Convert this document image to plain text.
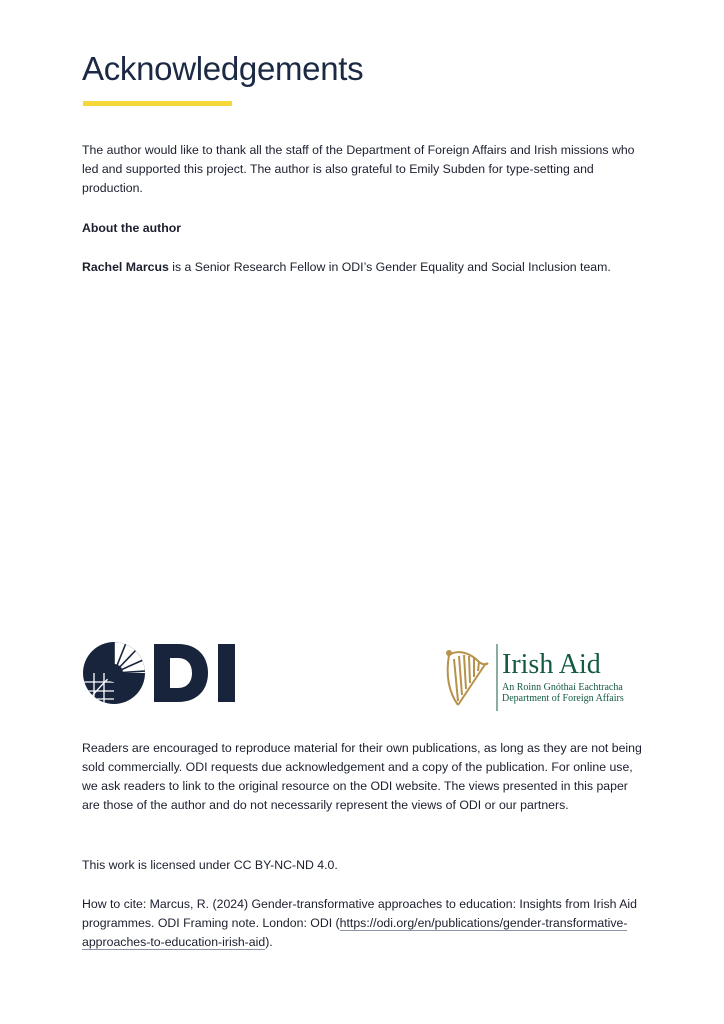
Acknowledgements

The author would like to thank all the staff of the Department of Foreign Affairs and Irish missions who led and supported this project. The author is also grateful to Emily Subden for type-setting and production.

About the author

Rachel Marcus is a Senior Research Fellow in ODI’s Gender Equality and Social Inclusion team.

Irish Aid
An Roinn Gnóthaí Eachtracha
Department of Foreign Affairs

Readers are encouraged to reproduce material for their own publications, as long as they are not being sold commercially. ODI requests due acknowledgement and a copy of the publication. For online use, we ask readers to link to the original resource on the ODI website. The views presented in this paper are those of the author and do not necessarily represent the views of ODI or our partners.

This work is licensed under CC BY-NC-ND 4.0.

How to cite: Marcus, R. (2024) Gender-transformative approaches to education: Insights from Irish Aid programmes. ODI Framing note. London: ODI (https://odi.org/en/publications/gender-transformative-approaches-to-education-irish-aid).
